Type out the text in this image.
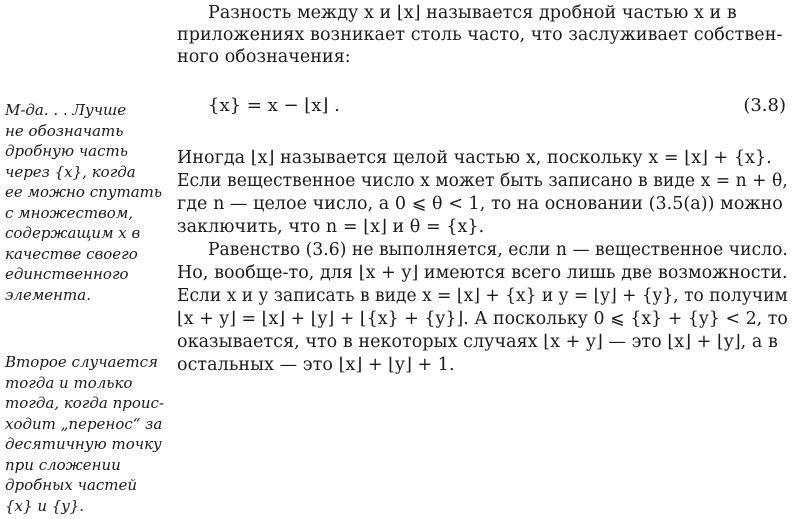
Разность между x и ⌊x⌋ называется дробной частью x и в
приложениях возникает столь часто, что заслуживает собствен-
ного обозначения:
{x} = x − ⌊x⌋ .	(3.8)
Иногда ⌊x⌋ называется целой частью x, поскольку x = ⌊x⌋ + {x}.
Если вещественное число x может быть записано в виде x = n + θ,
где n — целое число, а 0 ⩽ θ < 1, то на основании (3.5(a)) можно
заключить, что n = ⌊x⌋ и θ = {x}.
Равенство (3.6) не выполняется, если n — вещественное число.
Но, вообще-то, для ⌊x + y⌋ имеются всего лишь две возможности.
Если x и y записать в виде x = ⌊x⌋ + {x} и y = ⌊y⌋ + {y}, то получим
⌊x + y⌋ = ⌊x⌋ + ⌊y⌋ + ⌊{x} + {y}⌋. А поскольку 0 ⩽ {x} + {y} < 2, то
оказывается, что в некоторых случаях ⌊x + y⌋ — это ⌊x⌋ + ⌊y⌋, а в
остальных — это ⌊x⌋ + ⌊y⌋ + 1.
М-да. . . Лучше
не обозначать
дробную часть
через {x}, когда
ее можно спутать
с множеством,
содержащим x в
качестве своего
единственного
элемента.
Второе случается
тогда и только
тогда, когда проис-
ходит „перенос“ за
десятичную точку
при сложении
дробных частей
{x} и {y}.
